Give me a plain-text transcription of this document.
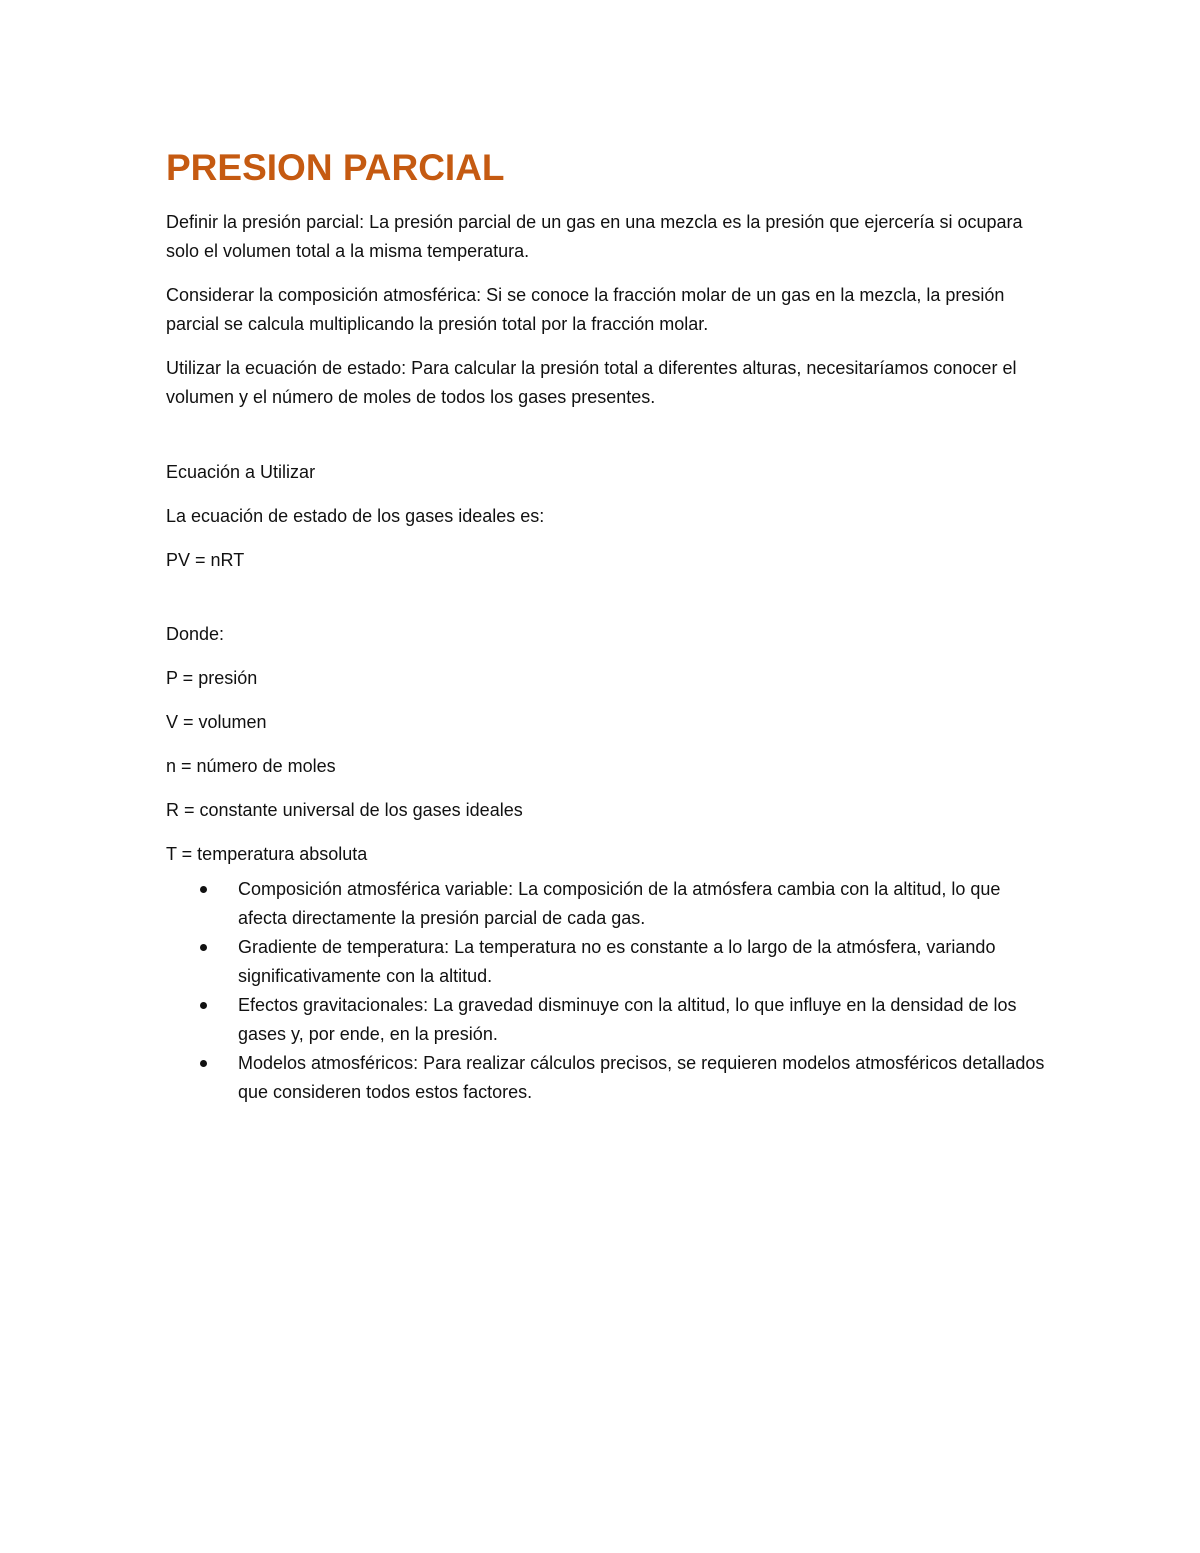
PRESION PARCIAL

Definir la presión parcial: La presión parcial de un gas en una mezcla es la presión que ejercería si ocupara solo el volumen total a la misma temperatura.

Considerar la composición atmosférica: Si se conoce la fracción molar de un gas en la mezcla, la presión parcial se calcula multiplicando la presión total por la fracción molar.

Utilizar la ecuación de estado: Para calcular la presión total a diferentes alturas, necesitaríamos conocer el volumen y el número de moles de todos los gases presentes.

Ecuación a Utilizar

La ecuación de estado de los gases ideales es:

PV = nRT

Donde:

P = presión

V = volumen

n = número de moles

R = constante universal de los gases ideales

T = temperatura absoluta

Composición atmosférica variable: La composición de la atmósfera cambia con la altitud, lo que afecta directamente la presión parcial de cada gas.
Gradiente de temperatura: La temperatura no es constante a lo largo de la atmósfera, variando significativamente con la altitud.
Efectos gravitacionales: La gravedad disminuye con la altitud, lo que influye en la densidad de los gases y, por ende, en la presión.
Modelos atmosféricos: Para realizar cálculos precisos, se requieren modelos atmosféricos detallados que consideren todos estos factores.
